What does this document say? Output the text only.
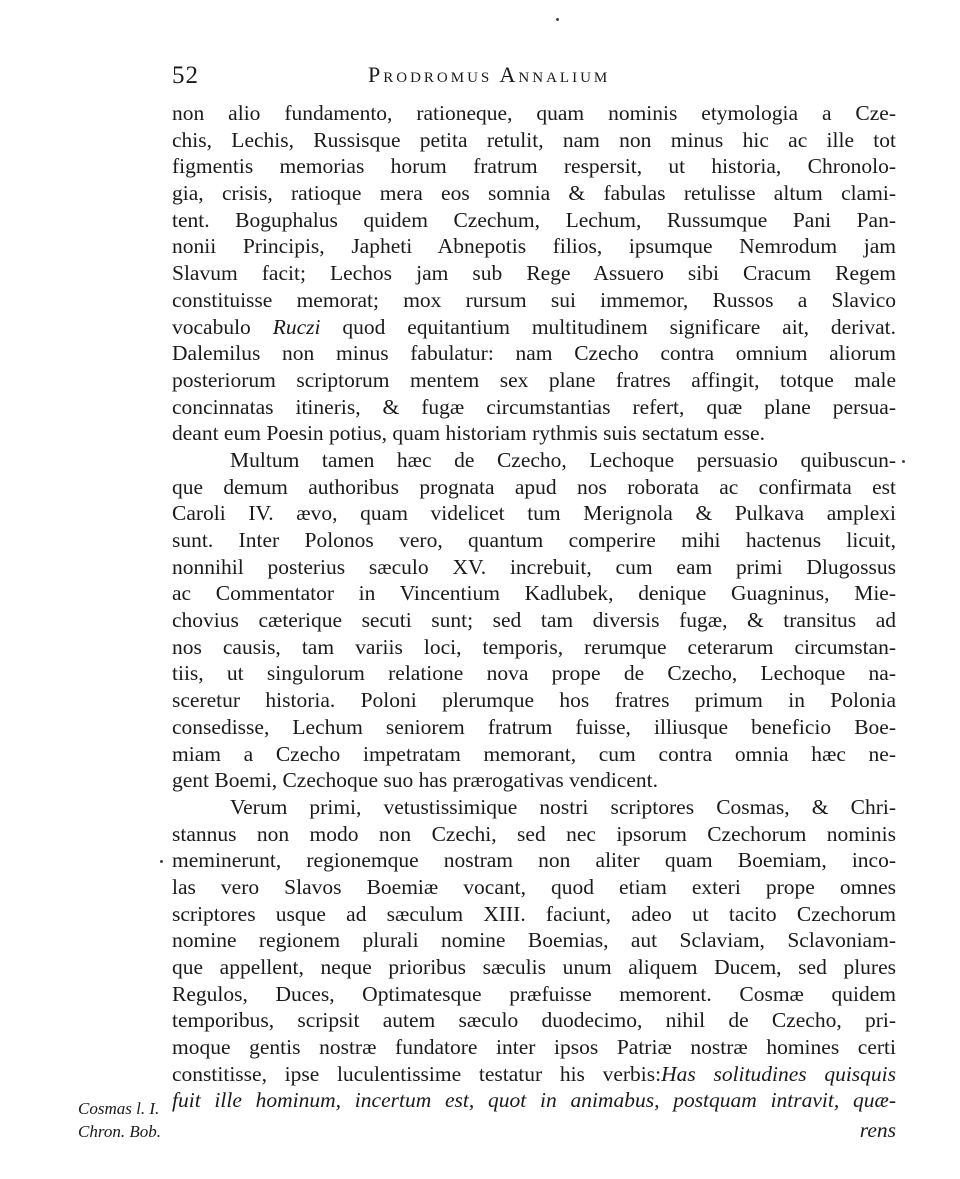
52	Prodromus Annalium
non alio fundamento, rationeque, quam nominis etymologia a Cze-
chis, Lechis, Russisque petita retulit, nam non minus hic ac ille tot
figmentis memorias horum fratrum respersit, ut historia, Chronolo-
gia, crisis, ratioque mera eos somnia & fabulas retulisse altum clami-
tent. Boguphalus quidem Czechum, Lechum, Russumque Pani Pan-
nonii Principis, Japheti Abnepotis filios, ipsumque Nemrodum jam
Slavum facit; Lechos jam sub Rege Assuero sibi Cracum Regem
constituisse memorat; mox rursum sui immemor, Russos a Slavico
vocabulo Ruczi quod equitantium multitudinem significare ait, derivat.
Dalemilus non minus fabulatur: nam Czecho contra omnium aliorum
posteriorum scriptorum mentem sex plane fratres affingit, totque male
concinnatas itineris, & fugæ circumstantias refert, quæ plane persua-
deant eum Poesin potius, quam historiam rythmis suis sectatum esse.
Multum tamen hæc de Czecho, Lechoque persuasio quibuscun-
que demum authoribus prognata apud nos roborata ac confirmata est
Caroli IV. ævo, quam videlicet tum Merignola & Pulkava amplexi
sunt. Inter Polonos vero, quantum comperire mihi hactenus licuit,
nonnihil posterius sæculo XV. increbuit, cum eam primi Dlugossus
ac Commentator in Vincentium Kadlubek, denique Guagninus, Mie-
chovius cæterique secuti sunt; sed tam diversis fugæ, & transitus ad
nos causis, tam variis loci, temporis, rerumque ceterarum circumstan-
tiis, ut singulorum relatione nova prope de Czecho, Lechoque na-
sceretur historia. Poloni plerumque hos fratres primum in Polonia
consedisse, Lechum seniorem fratrum fuisse, illiusque beneficio Boe-
miam a Czecho impetratam memorant, cum contra omnia hæc ne-
gent Boemi, Czechoque suo has prærogativas vendicent.
Verum primi, vetustissimique nostri scriptores Cosmas, & Chri-
stannus non modo non Czechi, sed nec ipsorum Czechorum nominis
meminerunt, regionemque nostram non aliter quam Boemiam, inco-
las vero Slavos Boemiæ vocant, quod etiam exteri prope omnes
scriptores usque ad sæculum XIII. faciunt, adeo ut tacito Czechorum
nomine regionem plurali nomine Boemias, aut Sclaviam, Sclavoniam-
que appellent, neque prioribus sæculis unum aliquem Ducem, sed plures
Regulos, Duces, Optimatesque præfuisse memorent. Cosmæ quidem
temporibus, scripsit autem sæculo duodecimo, nihil de Czecho, pri-
moque gentis nostræ fundatore inter ipsos Patriæ nostræ homines certi
constitisse, ipse luculentissime testatur his verbis:Has solitudines quisquis
fuit ille hominum, incertum est, quot in animabus, postquam intravit, quæ-
Cosmas l. I.
Chron. Bob.	rens
